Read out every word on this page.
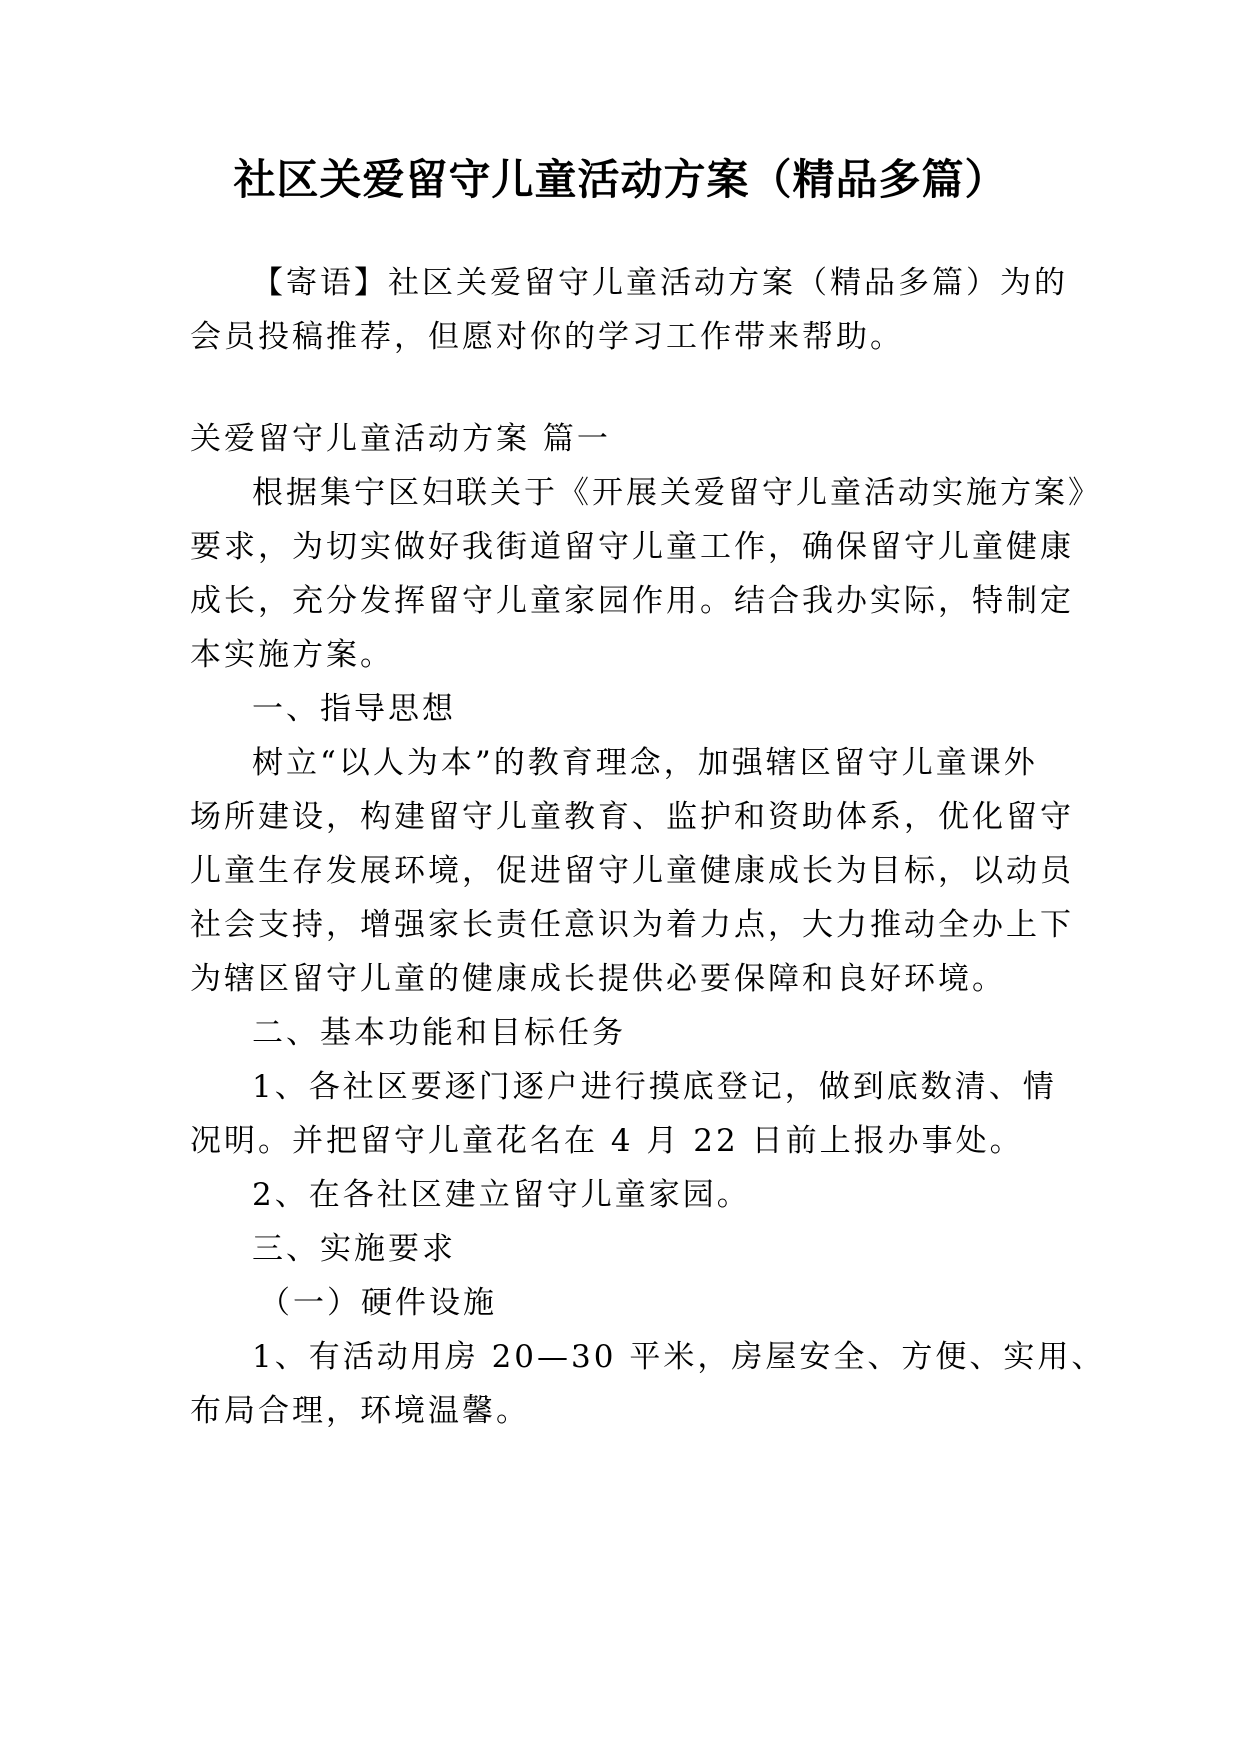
社区关爱留守儿童活动方案（精品多篇）
【寄语】社区关爱留守儿童活动方案（精品多篇）为的
会员投稿推荐，但愿对你的学习工作带来帮助。
关爱留守儿童活动方案 篇一
根据集宁区妇联关于《开展关爱留守儿童活动实施方案》
要求，为切实做好我街道留守儿童工作，确保留守儿童健康
成长，充分发挥留守儿童家园作用。结合我办实际，特制定
本实施方案。
一、指导思想
树立“以人为本”的教育理念，加强辖区留守儿童课外
场所建设，构建留守儿童教育、监护和资助体系，优化留守
儿童生存发展环境，促进留守儿童健康成长为目标，以动员
社会支持，增强家长责任意识为着力点，大力推动全办上下
为辖区留守儿童的健康成长提供必要保障和良好环境。
二、基本功能和目标任务
1、各社区要逐门逐户进行摸底登记，做到底数清、情
况明。并把留守儿童花名在 4 月 22 日前上报办事处。
2、在各社区建立留守儿童家园。
三、实施要求
（一）硬件设施
1、有活动用房 20—30 平米，房屋安全、方便、实用、
布局合理，环境温馨。
